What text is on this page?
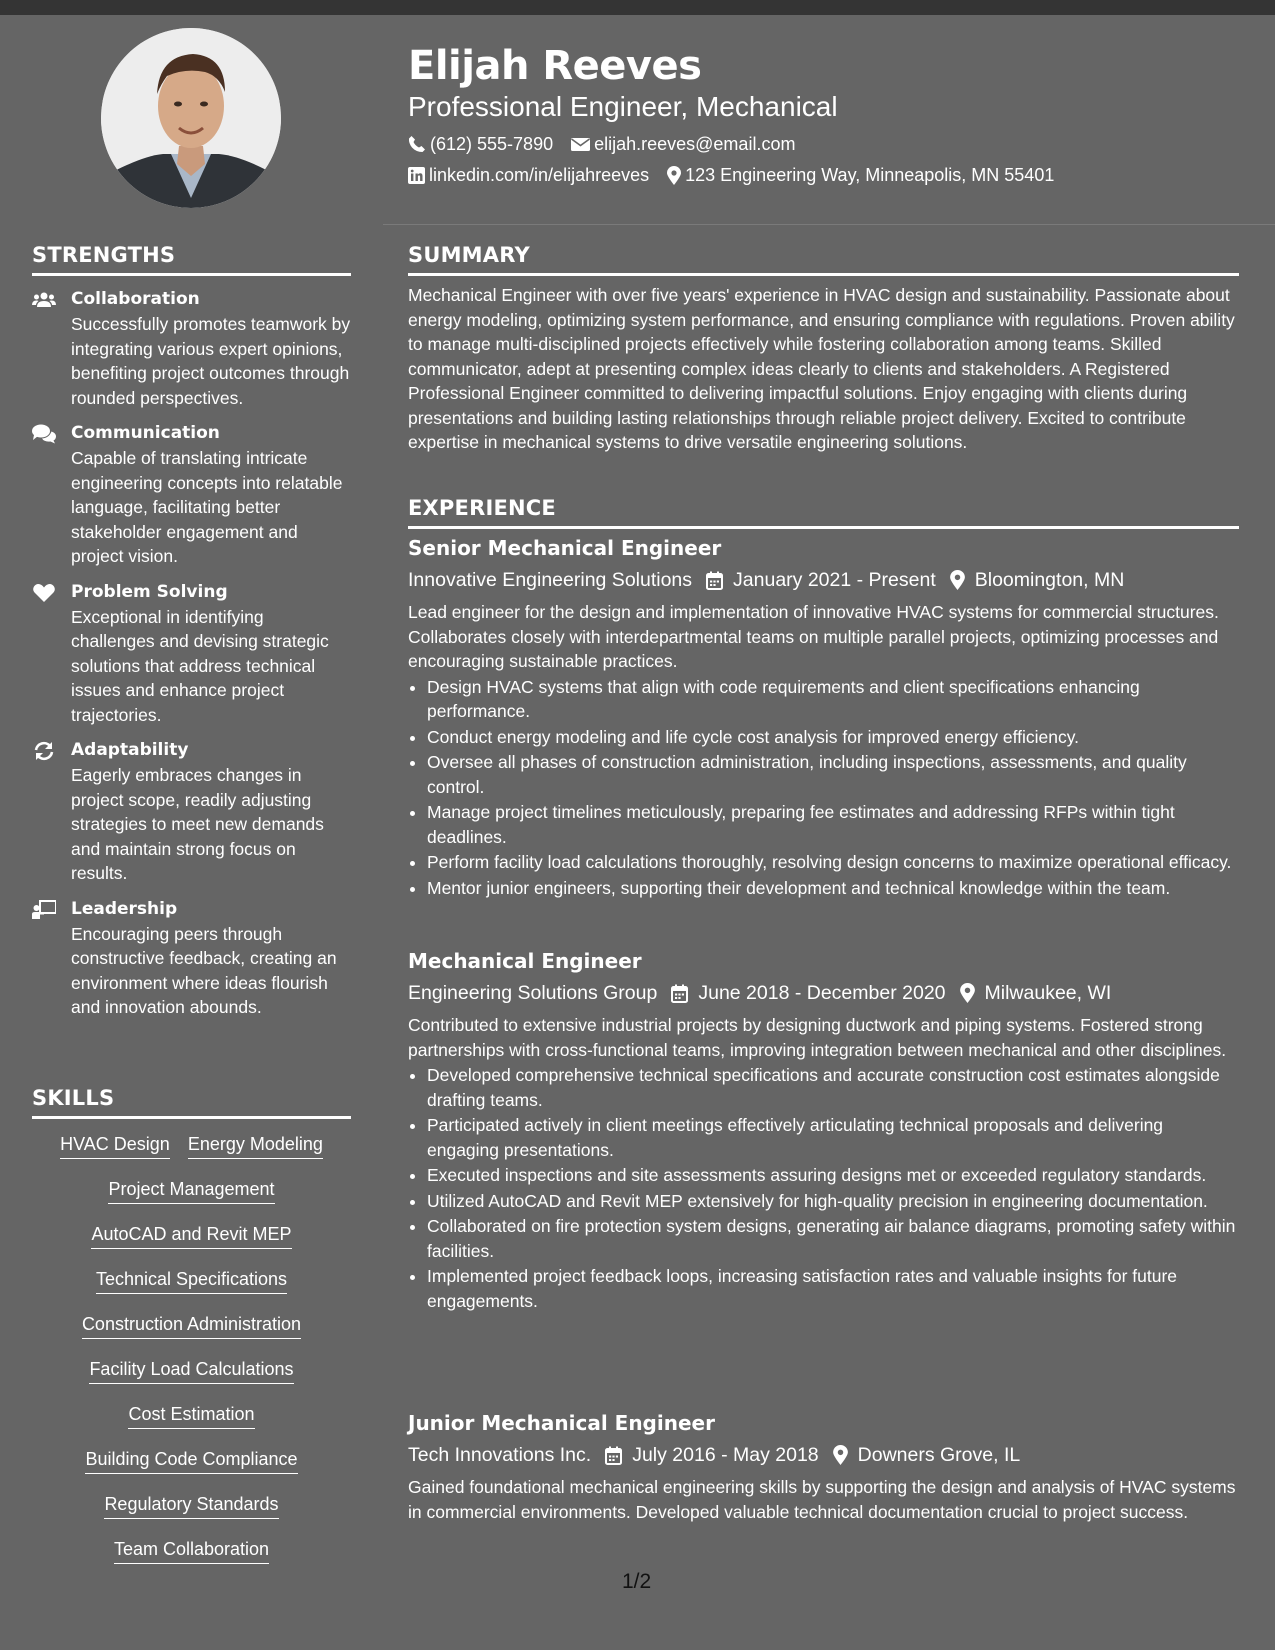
STRENGTHS
Collaboration
Successfully promotes teamwork by integrating various expert opinions, benefiting project outcomes through rounded perspectives.
Communication
Capable of translating intricate engineering concepts into relatable language, facilitating better stakeholder engagement and project vision.
Problem Solving
Exceptional in identifying challenges and devising strategic solutions that address technical issues and enhance project trajectories.
Adaptability
Eagerly embraces changes in project scope, readily adjusting strategies to meet new demands and maintain strong focus on results.
Leadership
Encouraging peers through constructive feedback, creating an environment where ideas flourish and innovation abounds.
SKILLS
HVAC Design Energy Modeling
Project Management
AutoCAD and Revit MEP
Technical Specifications
Construction Administration
Facility Load Calculations
Cost Estimation
Building Code Compliance
Regulatory Standards
Team Collaboration
Elijah Reeves
Professional Engineer, Mechanical
(612) 555-7890 elijah.reeves@email.com
linkedin.com/in/elijahreeves 123 Engineering Way, Minneapolis, MN 55401
SUMMARY
Mechanical Engineer with over five years' experience in HVAC design and sustainability. Passionate about energy modeling, optimizing system performance, and ensuring compliance with regulations. Proven ability to manage multi-disciplined projects effectively while fostering collaboration among teams. Skilled communicator, adept at presenting complex ideas clearly to clients and stakeholders. A Registered Professional Engineer committed to delivering impactful solutions. Enjoy engaging with clients during presentations and building lasting relationships through reliable project delivery. Excited to contribute expertise in mechanical systems to drive versatile engineering solutions.
EXPERIENCE
Senior Mechanical Engineer
Innovative Engineering Solutions January 2021 - Present Bloomington, MN
Lead engineer for the design and implementation of innovative HVAC systems for commercial structures. Collaborates closely with interdepartmental teams on multiple parallel projects, optimizing processes and encouraging sustainable practices.
• Design HVAC systems that align with code requirements and client specifications enhancing performance.
• Conduct energy modeling and life cycle cost analysis for improved energy efficiency.
• Oversee all phases of construction administration, including inspections, assessments, and quality control.
• Manage project timelines meticulously, preparing fee estimates and addressing RFPs within tight deadlines.
• Perform facility load calculations thoroughly, resolving design concerns to maximize operational efficacy.
• Mentor junior engineers, supporting their development and technical knowledge within the team.
Mechanical Engineer
Engineering Solutions Group June 2018 - December 2020 Milwaukee, WI
Contributed to extensive industrial projects by designing ductwork and piping systems. Fostered strong partnerships with cross-functional teams, improving integration between mechanical and other disciplines.
• Developed comprehensive technical specifications and accurate construction cost estimates alongside drafting teams.
• Participated actively in client meetings effectively articulating technical proposals and delivering engaging presentations.
• Executed inspections and site assessments assuring designs met or exceeded regulatory standards.
• Utilized AutoCAD and Revit MEP extensively for high-quality precision in engineering documentation.
• Collaborated on fire protection system designs, generating air balance diagrams, promoting safety within facilities.
• Implemented project feedback loops, increasing satisfaction rates and valuable insights for future engagements.
Junior Mechanical Engineer
Tech Innovations Inc. July 2016 - May 2018 Downers Grove, IL
Gained foundational mechanical engineering skills by supporting the design and analysis of HVAC systems in commercial environments. Developed valuable technical documentation crucial to project success.
1/2
